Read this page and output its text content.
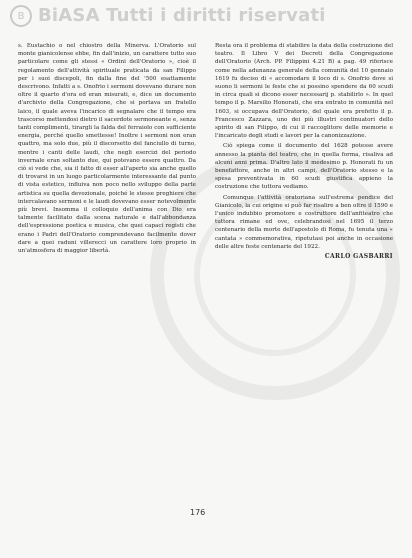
B BiASA Tutti i diritti riservati

s. Eustachio o nel chiostro della Minerva. L'Oratorio sul monte gianicolense ebbe, fin dall'inizio, un carattere tutto suo particolare come gli stessi « Ordini dell'Oratorio », cioè il regolamento dell'attività spirituale praticata da san Filippo per i suoi discepoli, fin dalla fine del '500 esattamente descrivono. Infatti a s. Onofrio i sermoni dovevano durare non oltre il quarto d'ora ed eran misurati, e, dice un documento d'archivio della Congregazione, che si portava un fratello laico, il quale aveva l'incarico di segnalare che il tempo era trascorso mettendosi dietro il sacerdote sermoneante e, senza tanti complimenti, tirargli la falda del ferraiolo con sufficiente energia, perché quello smettesse! Inoltre i sermoni non eran quattro, ma solo due, più il discorsetto del fanciullo di turno, mentre i canti delle laudi, che negli esercizi del periodo invernale eran soltanto due, qui potevano essere quattro. Da ciò si vede che, sia il fatto di esser all'aperto sia anche quello di trovarsi in un luogo particolarmente interessante dal punto di vista estetico, influiva non poco nello sviluppo della parte artistica su quella devozionale, poiché le stesse preghiere che intercalavano sermoni e le laudi dovevano esser notevolmente più brevi. Insomma il colloquio dell'anima con Dio era talmente facilitato dalla scena naturale e dall'abbondanza dell'espressione poetica e musica, che quei capaci registi che erano i Padri dell'Oratorio comprendevano facilmente dover dare a quei raduni villerecci un carattere loro proprio in un'atmosfera di maggior libertà.

Resta ora il problema di stabilire la data della costruzione del teatro. Il Libro V dei Decreti della Congregazione dell'Oratorio (Arch. PP. Filippini 4.21 B) a pag. 49 riferisce come nella adunanza generale della comunità del 10 gennaio 1619 fu deciso di « accomodare il loco di s. Onofrio dove si suono li sermoni le feste che si possino spendere da 60 scudi in circa quali si dicono esser necessarij p. stabilirlo ». In quel tempo il p. Marsilio Honorati, che era entrato in comunità nel 1603, si occupava dell'Oratorio, del quale era prefetto il p. Francesco Zazzara, uno dei più illustri continuatori dello spirito di san Filippo, di cui il raccoglitore delle memorie e l'incaricato degli studi e lavori per la canonizzazione.

Ciò spiega come il documento del 1628 potesse avere annesso la pianta del teatro, che in quella forma, risaliva ad alcuni anni prima. D'altro lato il medesimo p. Honorati fu un benefattore, anche in altri campi, dell'Oratorio stesso e la spesa preventivata in 60 scudi giustifica appieno la costruzione che tuttora vediamo.

Comunque l'attività oratoriana sull'estrema pendice del Gianicolo, la cui origine si può far risalire a ben oltre il 1590 e l'unico indubbio promotore e costruttore dell'anfiteatro che tuttora rimane ed ove, celebrandosi nel 1695 il terzo centenario della morte dell'apostolo di Roma, fu tenuta una « cantata » commemorativa, ripetutasi poi anche in occasione delle altre feste centenarie del 1922.

CARLO GASBARRI
176
